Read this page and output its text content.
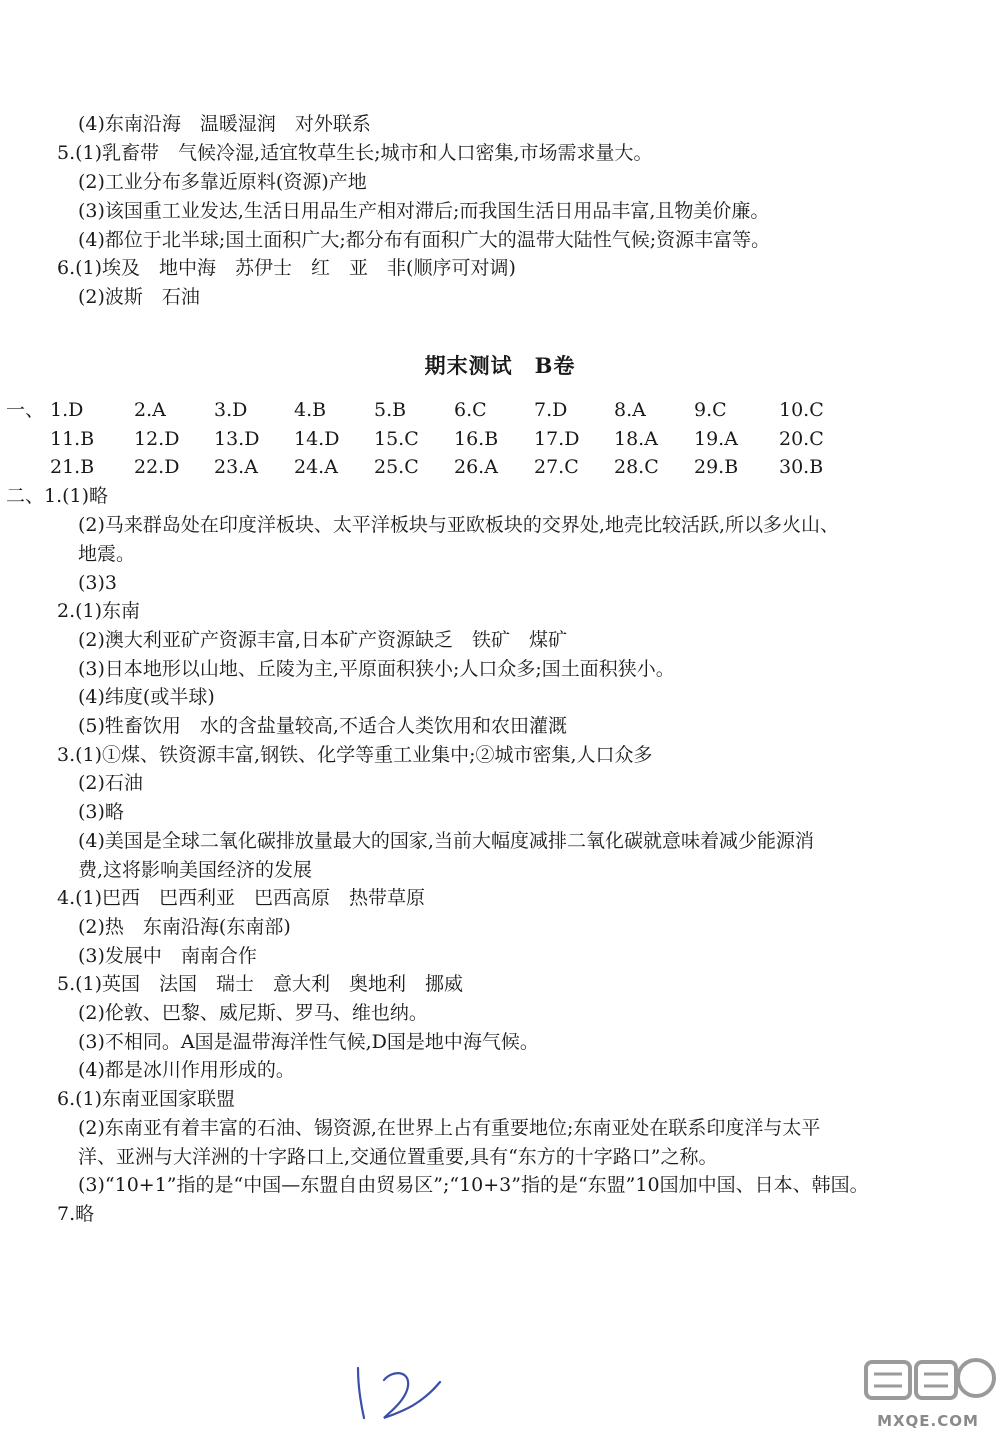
(4)东南沿海　温暖湿润　对外联系
5.(1)乳畜带　气候冷湿,适宜牧草生长;城市和人口密集,市场需求量大。
(2)工业分布多靠近原料(资源)产地
(3)该国重工业发达,生活日用品生产相对滞后;而我国生活日用品丰富,且物美价廉。
(4)都位于北半球;国土面积广大;都分布有面积广大的温带大陆性气候;资源丰富等。
6.(1)埃及　地中海　苏伊士　红　亚　非(顺序可对调)
(2)波斯　石油
期末测试　B卷
一、 1.D	2.A	3.D 4.B	5.B	6.C 7.D 8.A	9.C	10.C
11.B 12.D 13.D 14.D 15.C 16.B 17.D 18.A 19.A 20.C
21.B 22.D 23.A 24.A 25.C 26.A 27.C 28.C 29.B 30.B
二、1.(1)略
(2)马来群岛处在印度洋板块、太平洋板块与亚欧板块的交界处,地壳比较活跃,所以多火山、
地震。
(3)3
2.(1)东南
(2)澳大利亚矿产资源丰富,日本矿产资源缺乏　铁矿　煤矿
(3)日本地形以山地、丘陵为主,平原面积狭小;人口众多;国土面积狭小。
(4)纬度(或半球)
(5)牲畜饮用　水的含盐量较高,不适合人类饮用和农田灌溉
3.(1)①煤、铁资源丰富,钢铁、化学等重工业集中;②城市密集,人口众多
(2)石油
(3)略
(4)美国是全球二氧化碳排放量最大的国家,当前大幅度减排二氧化碳就意味着减少能源消
费,这将影响美国经济的发展
4.(1)巴西　巴西利亚　巴西高原　热带草原
(2)热　东南沿海(东南部)
(3)发展中　南南合作
5.(1)英国　法国　瑞士　意大利　奥地利　挪威
(2)伦敦、巴黎、威尼斯、罗马、维也纳。
(3)不相同。A国是温带海洋性气候,D国是地中海气候。
(4)都是冰川作用形成的。
6.(1)东南亚国家联盟
(2)东南亚有着丰富的石油、锡资源,在世界上占有重要地位;东南亚处在联系印度洋与太平
洋、亚洲与大洋洲的十字路口上,交通位置重要,具有“东方的十字路口”之称。
(3)“10+1”指的是“中国—东盟自由贸易区”;“10+3”指的是“东盟”10国加中国、日本、韩国。
7.略
MXQE.COM
